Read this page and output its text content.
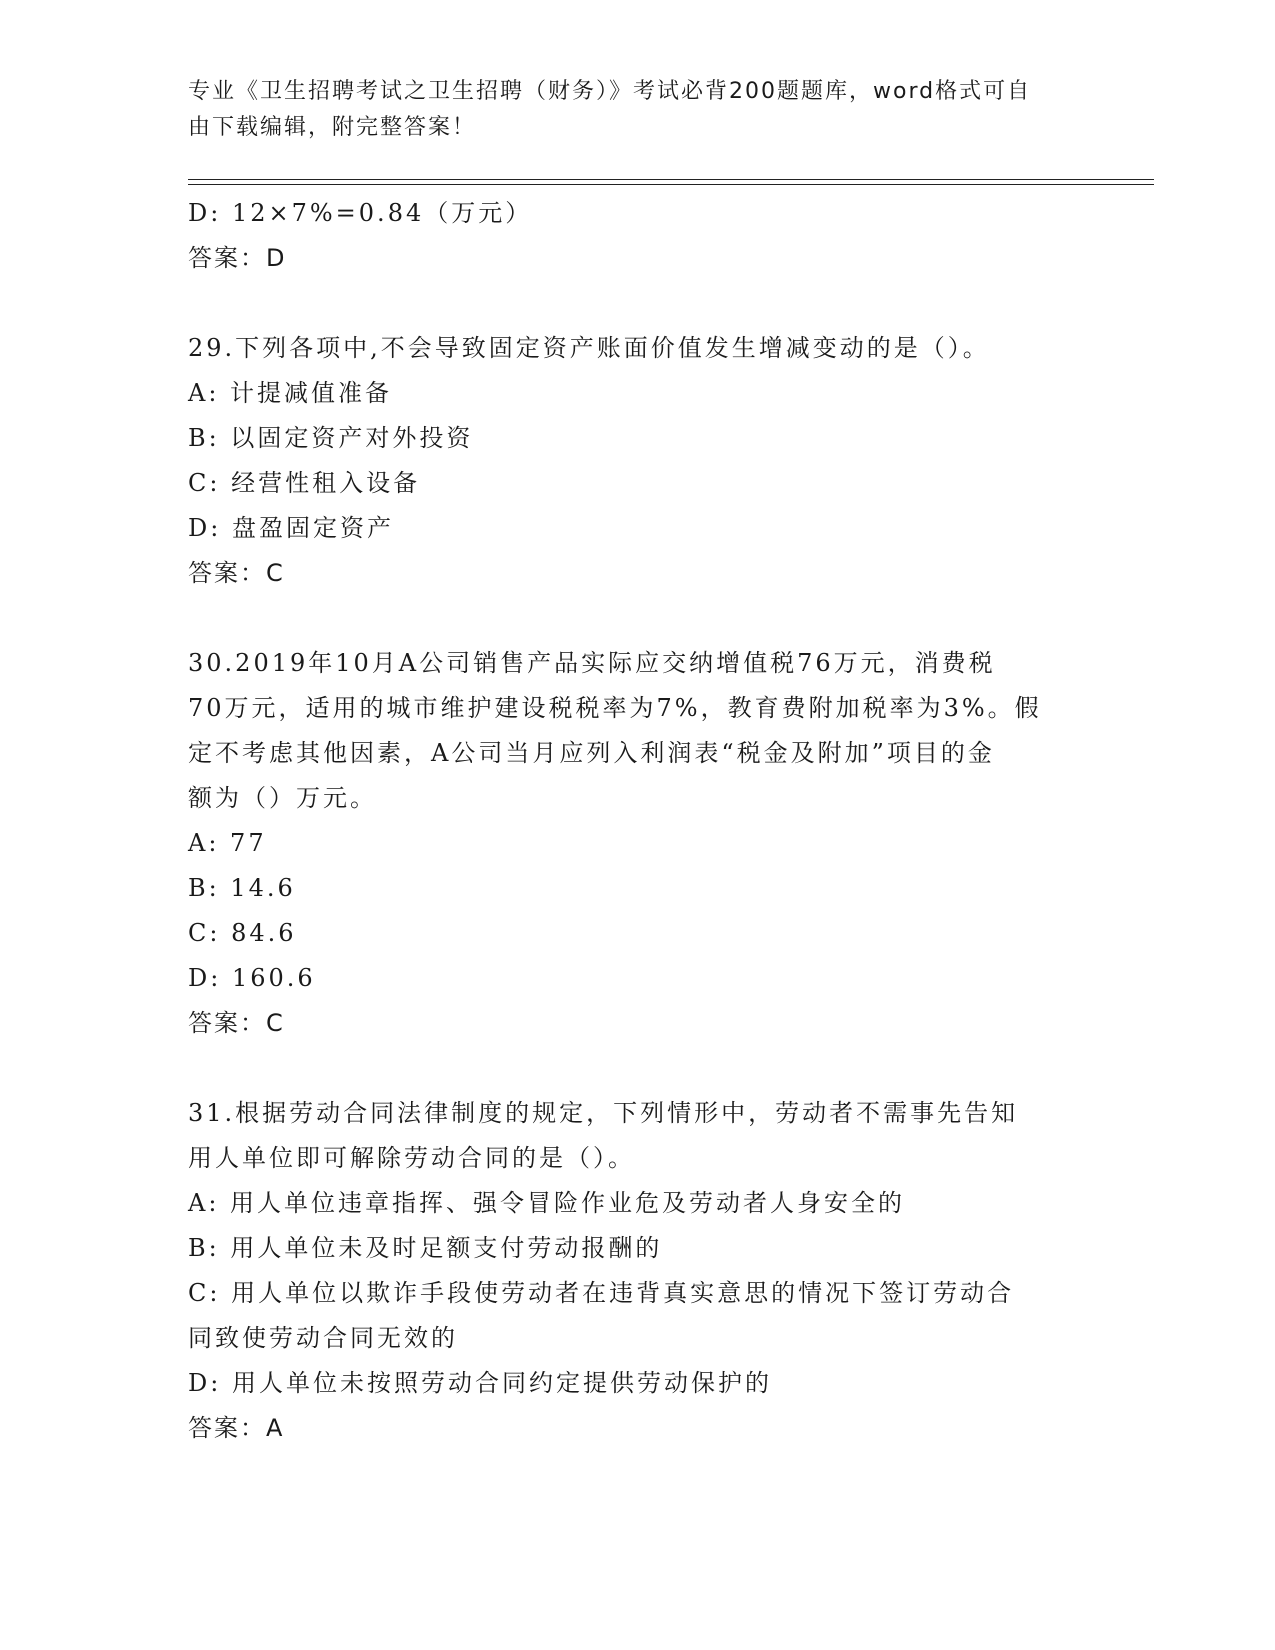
专业《卫生招聘考试之卫生招聘（财务）》考试必背200题题库，word格式可自
由下载编辑，附完整答案！
D: 12×7%=0.84（万元）
答案：D
29.下列各项中,不会导致固定资产账面价值发生增减变动的是（）。
A: 计提减值准备
B: 以固定资产对外投资
C: 经营性租入设备
D: 盘盈固定资产
答案：C
30.2019年10月A公司销售产品实际应交纳增值税76万元，消费税
70万元，适用的城市维护建设税税率为7%，教育费附加税率为3%。假
定不考虑其他因素，A公司当月应列入利润表“税金及附加”项目的金
额为（）万元。
A: 77
B: 14.6
C: 84.6
D: 160.6
答案：C
31.根据劳动合同法律制度的规定，下列情形中，劳动者不需事先告知
用人单位即可解除劳动合同的是（）。
A: 用人单位违章指挥、强令冒险作业危及劳动者人身安全的
B: 用人单位未及时足额支付劳动报酬的
C: 用人单位以欺诈手段使劳动者在违背真实意思的情况下签订劳动合
同致使劳动合同无效的
D: 用人单位未按照劳动合同约定提供劳动保护的
答案：A
